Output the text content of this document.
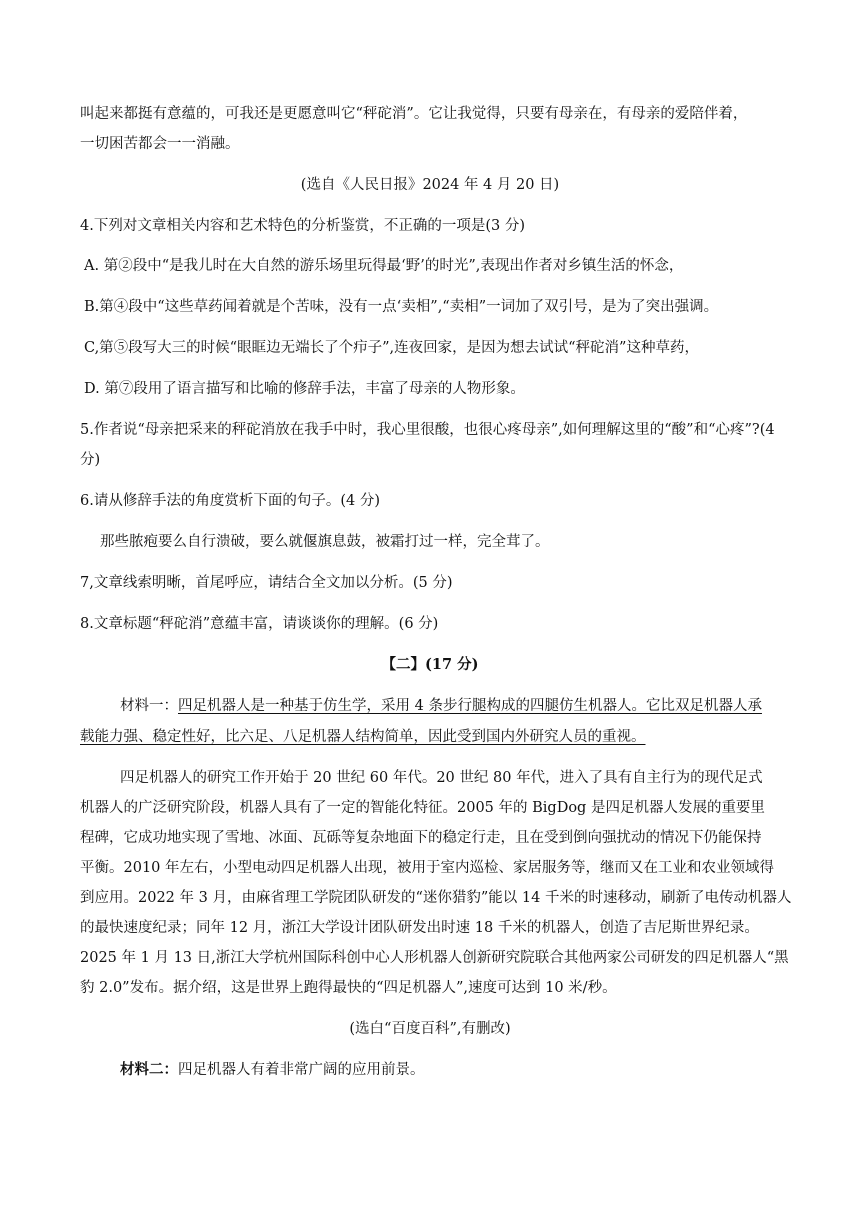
叫起来都挺有意蕴的，可我还是更愿意叫它“秤砣消”。它让我觉得，只要有母亲在，有母亲的爱陪伴着，
一切困苦都会一一消融。
(选自《人民日报》2024 年 4 月 20 日)
4.下列对文章相关内容和艺术特色的分析鉴赏，不正确的一项是(3 分)
A. 第②段中“是我儿时在大自然的游乐场里玩得最‘野’的时光”,表现出作者对乡镇生活的怀念，
B.第④段中“这些草药闻着就是个苦味，没有一点‘卖相”,“卖相”一词加了双引号，是为了突出强调。
C,第⑤段写大三的时候“眼眶边无端长了个疖子”,连夜回家，是因为想去试试“秤砣消”这种草药，
D. 第⑦段用了语言描写和比喻的修辞手法，丰富了母亲的人物形象。
5.作者说“母亲把采来的秤砣消放在我手中时，我心里很酸，也很心疼母亲”,如何理解这里的“酸”和“心疼”?(4
分)
6.请从修辞手法的角度赏析下面的句子。(4 分)
那些脓疱要么自行溃破，要么就偃旗息鼓，被霜打过一样，完全茸了。
7,文章线索明晰，首尾呼应，请结合全文加以分析。(5 分)
8.文章标题“秤砣消”意蕴丰富，请谈谈你的理解。(6 分)
【二】(17 分)
材料一：四足机器人是一种基于仿生学，采用 4 条步行腿构成的四腿仿生机器人。它比双足机器人承
载能力强、稳定性好，比六足、八足机器人结构简单，因此受到国内外研究人员的重视。
四足机器人的研究工作开始于 20 世纪 60 年代。20 世纪 80 年代，进入了具有自主行为的现代足式
机器人的广泛研究阶段，机器人具有了一定的智能化特征。2005 年的 BigDog 是四足机器人发展的重要里
程碑，它成功地实现了雪地、冰面、瓦砾等复杂地面下的稳定行走，且在受到倒向强扰动的情况下仍能保持
平衡。2010 年左右，小型电动四足机器人出现，被用于室内巡检、家居服务等，继而又在工业和农业领域得
到应用。2022 年 3 月，由麻省理工学院团队研发的“迷你猎豹”能以 14 千米的时速移动，刷新了电传动机器人
的最快速度纪录；同年 12 月，浙江大学设计团队研发出时速 18 千米的机器人，创造了吉尼斯世界纪录。
2025 年 1 月 13 日,浙江大学杭州国际科创中心人形机器人创新研究院联合其他两家公司研发的四足机器人“黑
豹 2.0”发布。据介绍，这是世界上跑得最快的“四足机器人”,速度可达到 10 米/秒。
(选白“百度百科”,有删改)
材料二：四足机器人有着非常广阔的应用前景。
